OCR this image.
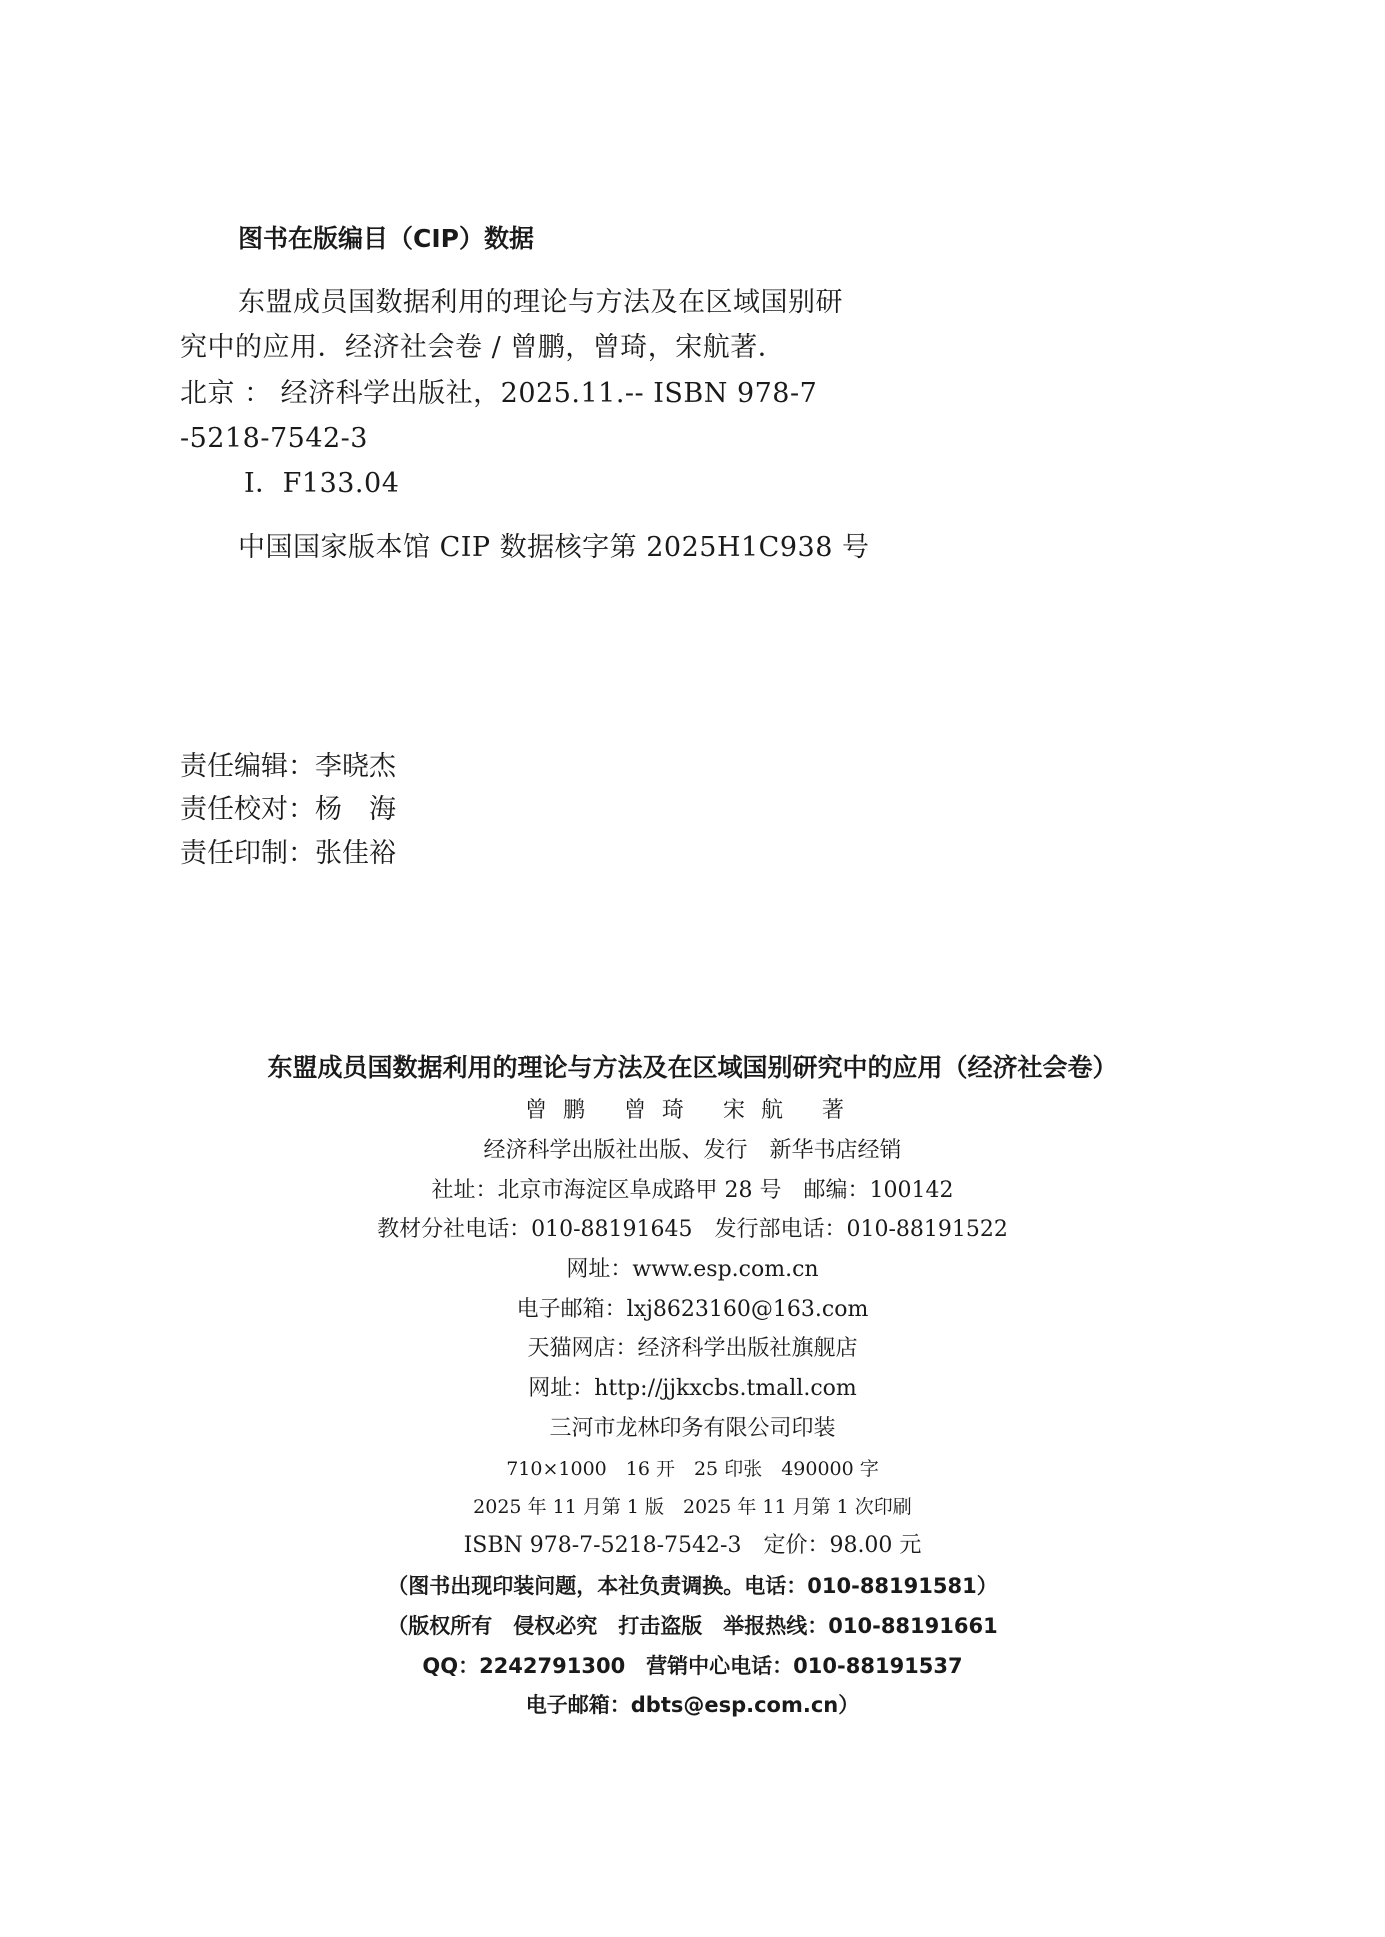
图书在版编目（CIP）数据
东盟成员国数据利用的理论与方法及在区域国别研
究中的应用．经济社会卷 / 曾鹏，曾琦，宋航著．
北京 ： 经济科学出版社，2025.11.-- ISBN 978-7
-5218-7542-3
Ⅰ．F133.04
中国国家版本馆 CIP 数据核字第 2025H1C938 号
责任编辑：李晓杰
责任校对：杨　海
责任印制：张佳裕
东盟成员国数据利用的理论与方法及在区域国别研究中的应用（经济社会卷）
曾鹏 曾琦 宋航 著
经济科学出版社出版、发行　新华书店经销
社址：北京市海淀区阜成路甲 28 号　邮编：100142
教材分社电话：010-88191645　发行部电话：010-88191522
网址：www.esp.com.cn
电子邮箱：lxj8623160@163.com
天猫网店：经济科学出版社旗舰店
网址：http://jjkxcbs.tmall.com
三河市龙林印务有限公司印装
710×1000　16 开　25 印张　490000 字
2025 年 11 月第 1 版　2025 年 11 月第 1 次印刷
ISBN 978-7-5218-7542-3　定价：98.00 元
（图书出现印装问题，本社负责调换。电话：010-88191581）
（版权所有　侵权必究　打击盗版　举报热线：010-88191661
QQ：2242791300　营销中心电话：010-88191537
电子邮箱：dbts@esp.com.cn）
